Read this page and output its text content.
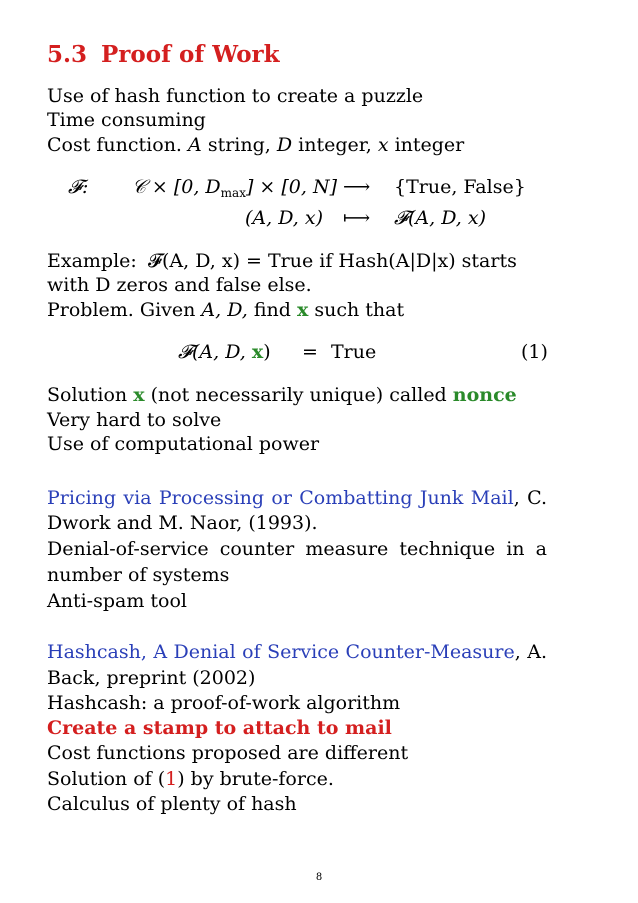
5.3 Proof of Work
Use of hash function to create a puzzle
Time consuming
Cost function. A string, D integer, x integer
𝓕: 𝒞 × [0, $D_{max}] \times [0$, N] ⟶ {True, False}
(A, D, x) ⟼ 𝓕(A, D, x)
Example: 𝓕(A, D, x) = True if Hash(A|D|x) starts
with D zeros and false else.
Problem. Given A, D, find x such that
𝓕(A, D, x) = True	(1)
Solution x (not necessarily unique) called nonce
Very hard to solve
Use of computational power
Pricing via Processing or Combatting Junk Mail, C.
Dwork and M. Naor, (1993).
Denial-of-service counter measure technique in a
number of systems
Anti-spam tool
Hashcash, A Denial of Service Counter-Measure, A.
Back, preprint (2002)
Hashcash: a proof-of-work algorithm
Create a stamp to attach to mail
Cost functions proposed are different
Solution of (1) by brute-force.
Calculus of plenty of hash
8
